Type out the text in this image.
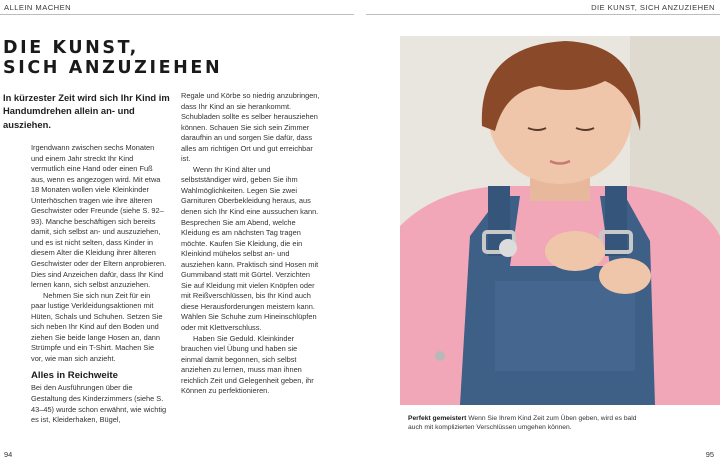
ALLEIN MACHEN	DIE KUNST, SICH ANZUZIEHEN
DIE KUNST,
SICH ANZUZIEHEN

In kürzester Zeit wird sich Ihr Kind im Handumdrehen allein an- und ausziehen.

Irgendwann zwischen sechs Monaten und einem Jahr streckt Ihr Kind vermutlich eine Hand oder einen Fuß aus, wenn es angezogen wird. Mit etwa 18 Monaten wollen viele Kleinkinder Unterhöschen tragen wie ihre älteren Geschwister oder Freunde (siehe S. 92–93). Manche beschäftigen sich bereits damit, sich selbst an- und auszuziehen, und es ist nicht selten, dass Kinder in diesem Alter die Kleidung ihrer älteren Geschwister oder der Eltern anprobieren. Dies sind Anzeichen dafür, dass Ihr Kind lernen kann, sich selbst anzuziehen.

Nehmen Sie sich nun Zeit für ein paar lustige Verkleidungsaktionen mit Hüten, Schals und Schuhen. Setzen Sie sich neben Ihr Kind auf den Boden und ziehen Sie beide lange Hosen an, dann Strümpfe und ein T-Shirt. Machen Sie vor, wie man sich anzieht.

Alles in Reichweite

Bei den Ausführungen über die Gestaltung des Kinderzimmers (siehe S. 43–45) wurde schon erwähnt, wie wichtig es ist, Kleiderhaken, Bügel,

Regale und Körbe so niedrig anzubringen, dass Ihr Kind an sie herankommt. Schubladen sollte es selber herausziehen können. Schauen Sie sich sein Zimmer daraufhin an und sorgen Sie dafür, dass alles am richtigen Ort und gut erreichbar ist.

Wenn Ihr Kind älter und selbstständiger wird, geben Sie ihm Wahlmöglichkeiten. Legen Sie zwei Garnituren Oberbekleidung heraus, aus denen sich Ihr Kind eine aussuchen kann. Besprechen Sie am Abend, welche Kleidung es am nächsten Tag tragen möchte. Kaufen Sie Kleidung, die ein Kleinkind mühelos selbst an- und ausziehen kann. Praktisch sind Hosen mit Gummiband statt mit Gürtel. Verzichten Sie auf Kleidung mit vielen Knöpfen oder mit Reißverschlüssen, bis Ihr Kind auch diese Herausforderungen meistern kann. Wählen Sie Schuhe zum Hineinschlüpfen oder mit Klettverschluss.

Haben Sie Geduld. Kleinkinder brauchen viel Übung und haben sie einmal damit begonnen, sich selbst anziehen zu lernen, muss man ihnen reichlich Zeit und Gelegenheit geben, ihr Können zu perfektionieren.

94	95

Perfekt gemeistert Wenn Sie Ihrem Kind Zeit zum Üben geben, wird es bald auch mit komplizierten Verschlüssen umgehen können.
